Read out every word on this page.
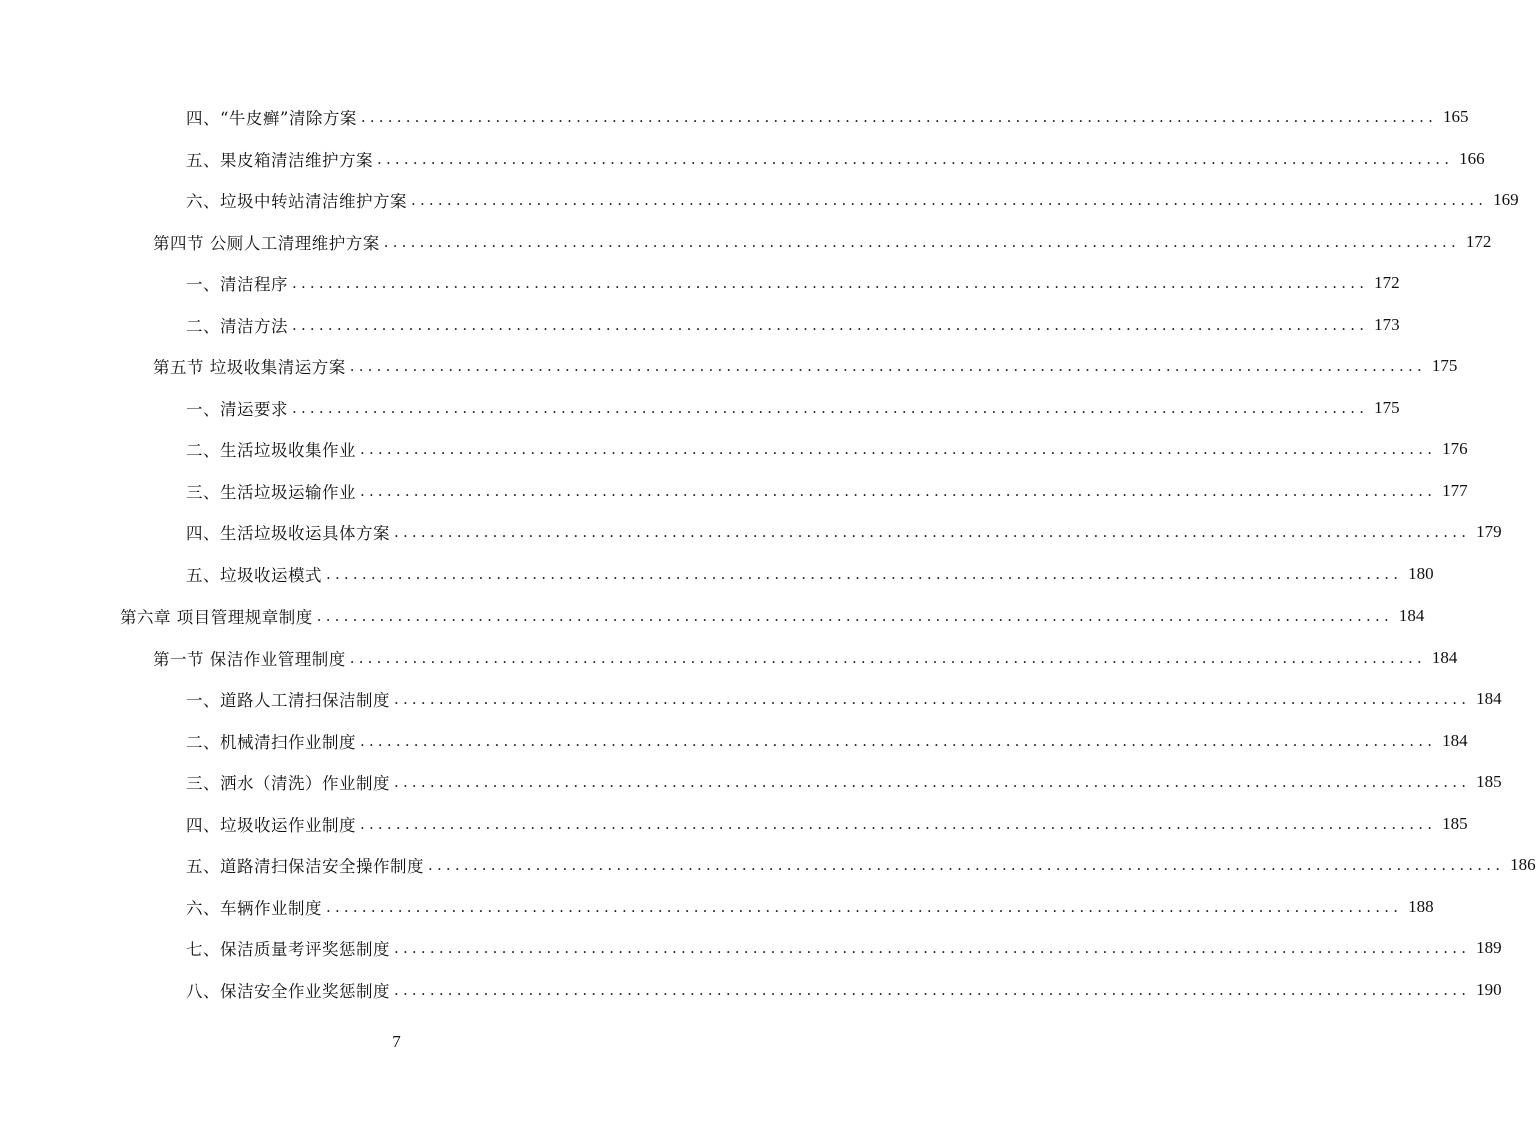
四、“牛皮癣”清除方案 ........................................................................................................................ 165
五、果皮箱清洁维护方案 ........................................................................................................................ 166
六、垃圾中转站清洁维护方案 ........................................................................................................................ 169
第四节 公厕人工清理维护方案 ........................................................................................................................ 172
一、清洁程序 ........................................................................................................................ 172
二、清洁方法 ........................................................................................................................ 173
第五节 垃圾收集清运方案 ........................................................................................................................ 175
一、清运要求 ........................................................................................................................ 175
二、生活垃圾收集作业 ........................................................................................................................ 176
三、生活垃圾运输作业 ........................................................................................................................ 177
四、生活垃圾收运具体方案 ........................................................................................................................ 179
五、垃圾收运模式 ........................................................................................................................ 180
第六章 项目管理规章制度 ........................................................................................................................ 184
第一节 保洁作业管理制度 ........................................................................................................................ 184
一、道路人工清扫保洁制度 ........................................................................................................................ 184
二、机械清扫作业制度 ........................................................................................................................ 184
三、洒水（清洗）作业制度 ........................................................................................................................ 185
四、垃圾收运作业制度 ........................................................................................................................ 185
五、道路清扫保洁安全操作制度 ........................................................................................................................ 186
六、车辆作业制度 ........................................................................................................................ 188
七、保洁质量考评奖惩制度 ........................................................................................................................ 189
八、保洁安全作业奖惩制度 ........................................................................................................................ 190
7
